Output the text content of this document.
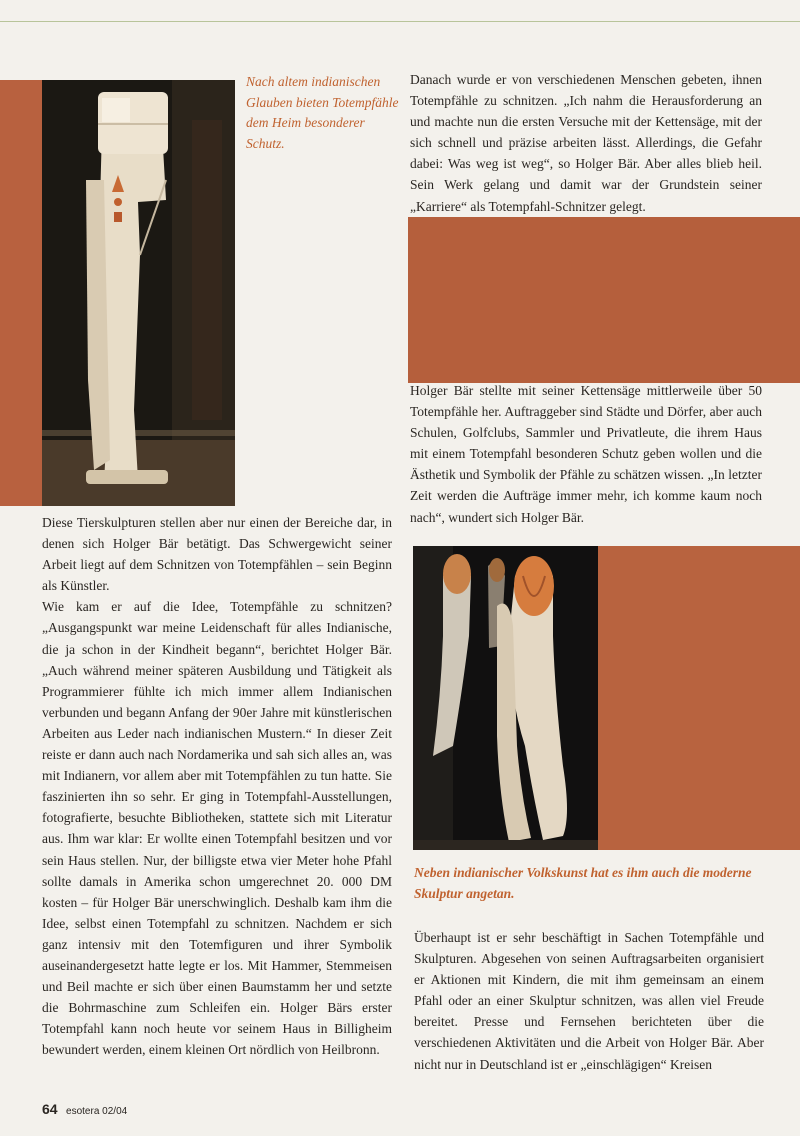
Nach altem indianischen Glauben bieten Totempfähle dem Heim besonderer Schutz.
Neben indianischer Volkskunst hat es ihm auch die moderne Skulptur angetan.

Diese Tierskulpturen stellen aber nur einen der Bereiche dar, in denen sich Holger Bär betätigt. Das Schwergewicht seiner Arbeit liegt auf dem Schnitzen von Totempfählen – sein Beginn als Künstler.

Wie kam er auf die Idee, Totempfähle zu schnitzen? „Ausgangspunkt war meine Leidenschaft für alles Indianische, die ja schon in der Kindheit begann“, berichtet Holger Bär. „Auch während meiner späteren Ausbildung und Tätigkeit als Programmierer fühlte ich mich immer allem Indianischen verbunden und begann Anfang der 90er Jahre mit künstlerischen Arbeiten aus Leder nach indianischen Mustern.“ In dieser Zeit reiste er dann auch nach Nordamerika und sah sich alles an, was mit Indianern, vor allem aber mit Totempfählen zu tun hatte. Sie faszinierten ihn so sehr. Er ging in Totempfahl-Ausstellungen, fotografierte, besuchte Bibliotheken, stattete sich mit Literatur aus. Ihm war klar: Er wollte einen Totempfahl besitzen und vor sein Haus stellen. Nur, der billigste etwa vier Meter hohe Pfahl sollte damals in Amerika schon umgerechnet 20. 000 DM kosten – für Holger Bär unerschwinglich. Deshalb kam ihm die Idee, selbst einen Totempfahl zu schnitzen. Nachdem er sich ganz intensiv mit den Totemfiguren und ihrer Symbolik auseinandergesetzt hatte legte er los. Mit Hammer, Stemmeisen und Beil machte er sich über einen Baumstamm her und setzte die Bohrmaschine zum Schleifen ein. Holger Bärs erster Totempfahl kann noch heute vor seinem Haus in Billigheim bewundert werden, einem kleinen Ort nördlich von Heilbronn.

Danach wurde er von verschiedenen Menschen gebeten, ihnen Totempfähle zu schnitzen. „Ich nahm die Herausforderung an und machte nun die ersten Versuche mit der Kettensäge, mit der sich schnell und präzise arbeiten lässt. Allerdings, die Gefahr dabei: Was weg ist weg“, so Holger Bär. Aber alles blieb heil. Sein Werk gelang und damit war der Grundstein seiner „Karriere“ als Totempfahl-Schnitzer gelegt.

Holger Bär stellte mit seiner Kettensäge mittlerweile über 50 Totempfähle her. Auftraggeber sind Städte und Dörfer, aber auch Schulen, Golfclubs, Sammler und Privatleute, die ihrem Haus mit einem Totempfahl besonderen Schutz geben wollen und die Ästhetik und Symbolik der Pfähle zu schätzen wissen. „In letzter Zeit werden die Aufträge immer mehr, ich komme kaum noch nach“, wundert sich Holger Bär.

Überhaupt ist er sehr beschäftigt in Sachen Totempfähle und Skulpturen. Abgesehen von seinen Auftragsarbeiten organisiert er Aktionen mit Kindern, die mit ihm gemeinsam an einem Pfahl oder an einer Skulptur schnitzen, was allen viel Freude bereitet. Presse und Fernsehen berichteten über die verschiedenen Aktivitäten und die Arbeit von Holger Bär. Aber nicht nur in Deutschland ist er „einschlägigen“ Kreisen

64 esotera 02/04
